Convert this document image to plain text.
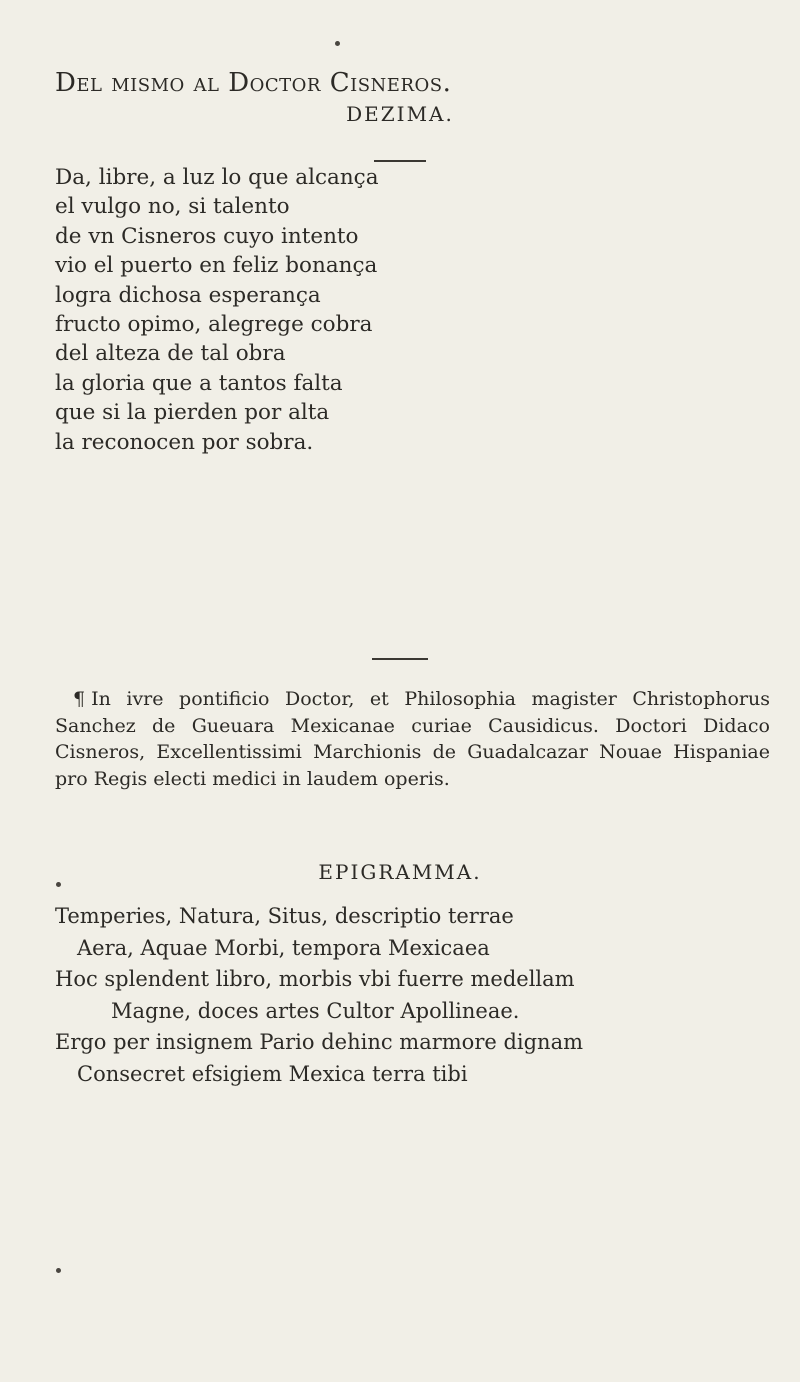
Del mismo al Doctor Cisneros.
DEZIMA.
Da, libre, a luz lo que alcança
el vulgo no, si talento
de vn Cisneros cuyo intento
vio el puerto en feliz bonança
logra dichosa esperança
fructo opimo, alegrege cobra
del alteza de tal obra
la gloria que a tantos falta
que si la pierden por alta
la reconocen por sobra.
¶ In ivre pontificio Doctor, et Philosophia magister Christophorus Sanchez de Gueuara Mexicanae curiae Causidicus. Doctori Didaco Cisneros, Excellentissimi Marchionis de Guadalcazar Nouae Hispaniae pro Regis electi medici in laudem operis.
EPIGRAMMA.
Temperies, Natura, Situs, descriptio terrae
Aera, Aquae Morbi, tempora Mexicaea
Hoc splendent libro, morbis vbi fuerre medellam
Magne, doces artes Cultor Apollineae.
Ergo per insignem Pario dehinc marmore dignam
Consecret efsigiem Mexica terra tibi
